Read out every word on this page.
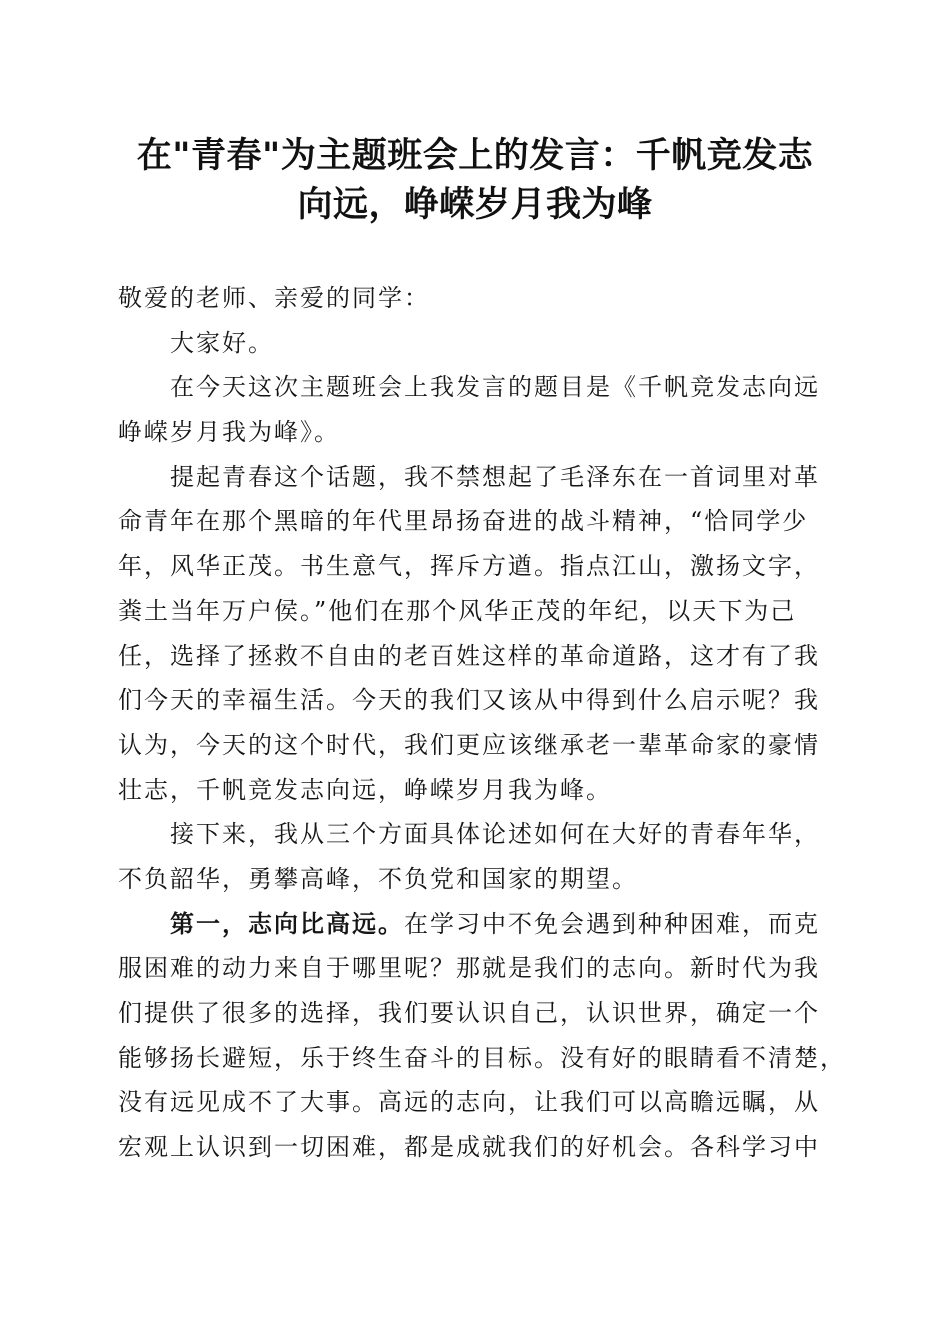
在"青春"为主题班会上的发言：千帆竞发志
向远，峥嵘岁月我为峰
敬爱的老师、亲爱的同学：
大家好。
在今天这次主题班会上我发言的题目是《千帆竞发志向远
峥嵘岁月我为峰》。
提起青春这个话题，我不禁想起了毛泽东在一首词里对革
命青年在那个黑暗的年代里昂扬奋进的战斗精神，“恰同学少
年，风华正茂。书生意气，挥斥方遒。指点江山，激扬文字，
粪土当年万户侯。”他们在那个风华正茂的年纪，以天下为己
任，选择了拯救不自由的老百姓这样的革命道路，这才有了我
们今天的幸福生活。今天的我们又该从中得到什么启示呢？我
认为，今天的这个时代，我们更应该继承老一辈革命家的豪情
壮志，千帆竞发志向远，峥嵘岁月我为峰。
接下来，我从三个方面具体论述如何在大好的青春年华，
不负韶华，勇攀高峰，不负党和国家的期望。
第一，志向比高远。在学习中不免会遇到种种困难，而克
服困难的动力来自于哪里呢？那就是我们的志向。新时代为我
们提供了很多的选择，我们要认识自己，认识世界，确定一个
能够扬长避短，乐于终生奋斗的目标。没有好的眼睛看不清楚，
没有远见成不了大事。高远的志向，让我们可以高瞻远瞩，从
宏观上认识到一切困难，都是成就我们的好机会。各科学习中
